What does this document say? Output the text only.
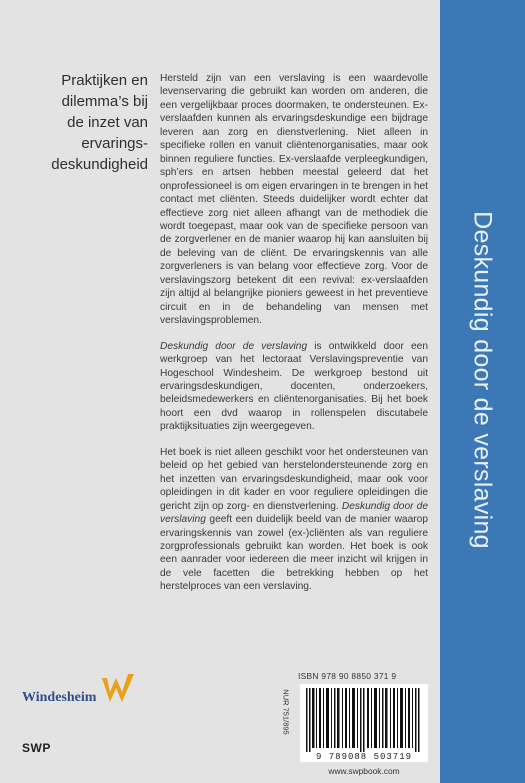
Deskundig door de verslaving
Praktijken en
dilemma’s bij
de inzet van
ervarings-
deskundigheid

Hersteld zijn van een verslaving is een waardevolle levenservaring die gebruikt kan worden om anderen, die een vergelijkbaar proces doormaken, te ondersteunen. Ex-verslaafden kunnen als ervaringsdeskundige een bijdrage leveren aan zorg en dienstverlening. Niet alleen in specifieke rollen en vanuit cliëntenorganisaties, maar ook binnen reguliere functies. Ex-verslaafde verpleegkundigen, sph’ers en artsen hebben meestal geleerd dat het onprofessioneel is om eigen ervaringen in te brengen in het contact met cliënten. Steeds duidelijker wordt echter dat effectieve zorg niet alleen afhangt van de methodiek die wordt toegepast, maar ook van de specifieke persoon van de zorgverlener en de manier waarop hij kan aansluiten bij de beleving van de cliënt. De ervaringskennis van alle zorgverleners is van belang voor effectieve zorg. Voor de verslavingszorg betekent dit een revival: ex-verslaafden zijn altijd al belangrijke pioniers geweest in het preventieve circuit en in de behandeling van mensen met verslavingsproblemen.

Deskundig door de verslaving is ontwikkeld door een werkgroep van het lectoraat Verslavingspreventie van Hogeschool Windesheim. De werkgroep bestond uit ervaringsdeskundigen, docenten, onderzoekers, beleidsmedewerkers en cliëntenorganisaties. Bij het boek hoort een dvd waarop in rollenspelen discutabele praktijksituaties zijn weergegeven.

Het boek is niet alleen geschikt voor het ondersteunen van beleid op het gebied van herstelondersteunende zorg en het inzetten van ervaringsdeskundigheid, maar ook voor opleidingen in dit kader en voor reguliere opleidingen die gericht zijn op zorg- en dienstverlening. Deskundig door de verslaving geeft een duidelijk beeld van de manier waarop ervaringskennis van zowel (ex-)cliënten als van reguliere zorgprofessionals gebruikt kan worden. Het boek is ook een aanrader voor iedereen die meer inzicht wil krijgen in de vele facetten die betrekking hebben op het herstelproces van een verslaving.

Windesheim
SWP
ISBN 978 90 8850 371 9
NUR 751/895
9 789088 503719
www.swpbook.com
